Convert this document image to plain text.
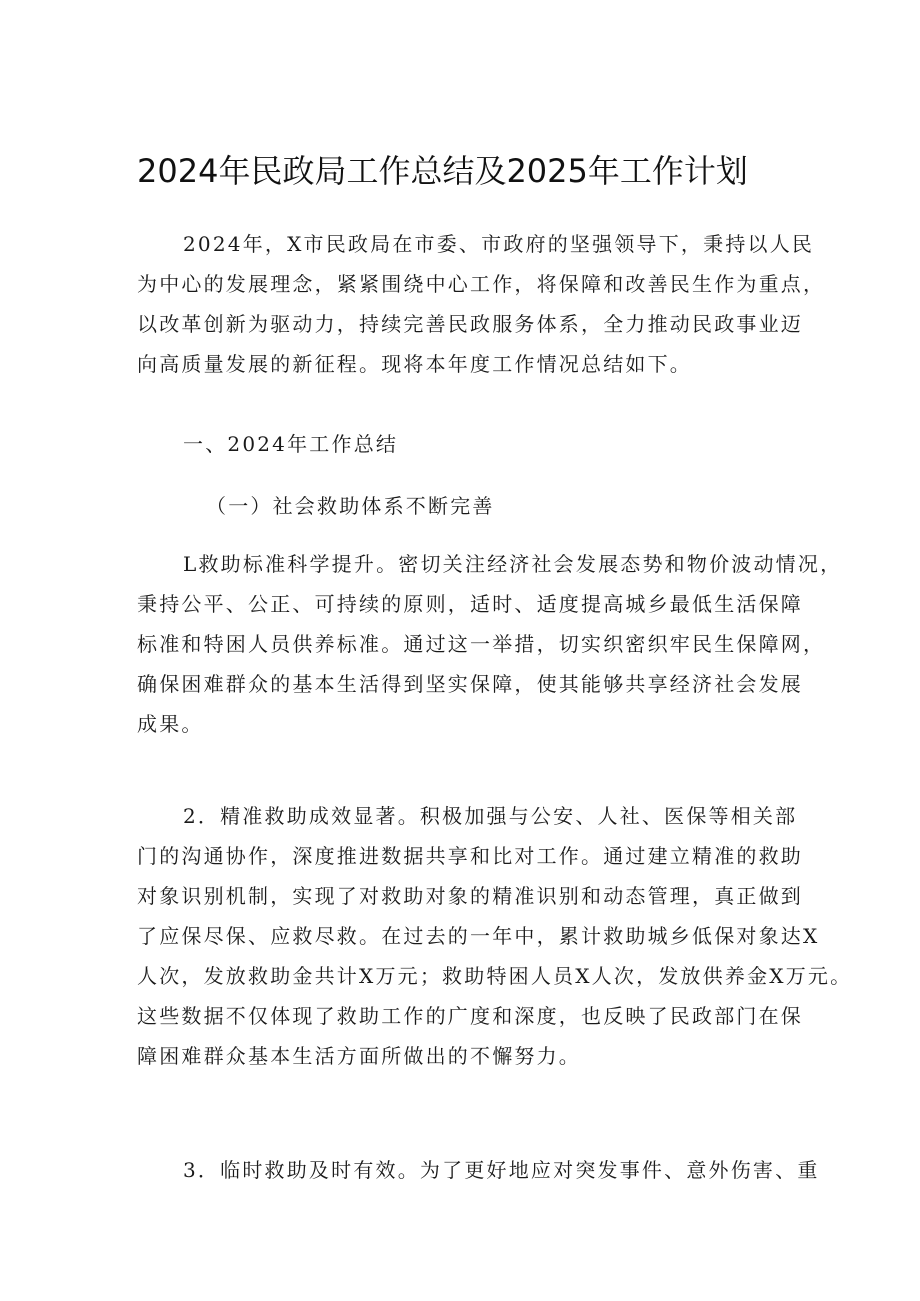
2024年民政局工作总结及2025年工作计划
2024年，X市民政局在市委、市政府的坚强领导下，秉持以人民
为中心的发展理念，紧紧围绕中心工作，将保障和改善民生作为重点，
以改革创新为驱动力，持续完善民政服务体系，全力推动民政事业迈
向高质量发展的新征程。现将本年度工作情况总结如下。
一、2024年工作总结
（一）社会救助体系不断完善
L救助标准科学提升。密切关注经济社会发展态势和物价波动情况，
秉持公平、公正、可持续的原则，适时、适度提高城乡最低生活保障
标准和特困人员供养标准。通过这一举措，切实织密织牢民生保障网，
确保困难群众的基本生活得到坚实保障，使其能够共享经济社会发展
成果。
2．精准救助成效显著。积极加强与公安、人社、医保等相关部
门的沟通协作，深度推进数据共享和比对工作。通过建立精准的救助
对象识别机制，实现了对救助对象的精准识别和动态管理，真正做到
了应保尽保、应救尽救。在过去的一年中，累计救助城乡低保对象达X
人次，发放救助金共计X万元；救助特困人员X人次，发放供养金X万元。
这些数据不仅体现了救助工作的广度和深度，也反映了民政部门在保
障困难群众基本生活方面所做出的不懈努力。
3．临时救助及时有效。为了更好地应对突发事件、意外伤害、重
